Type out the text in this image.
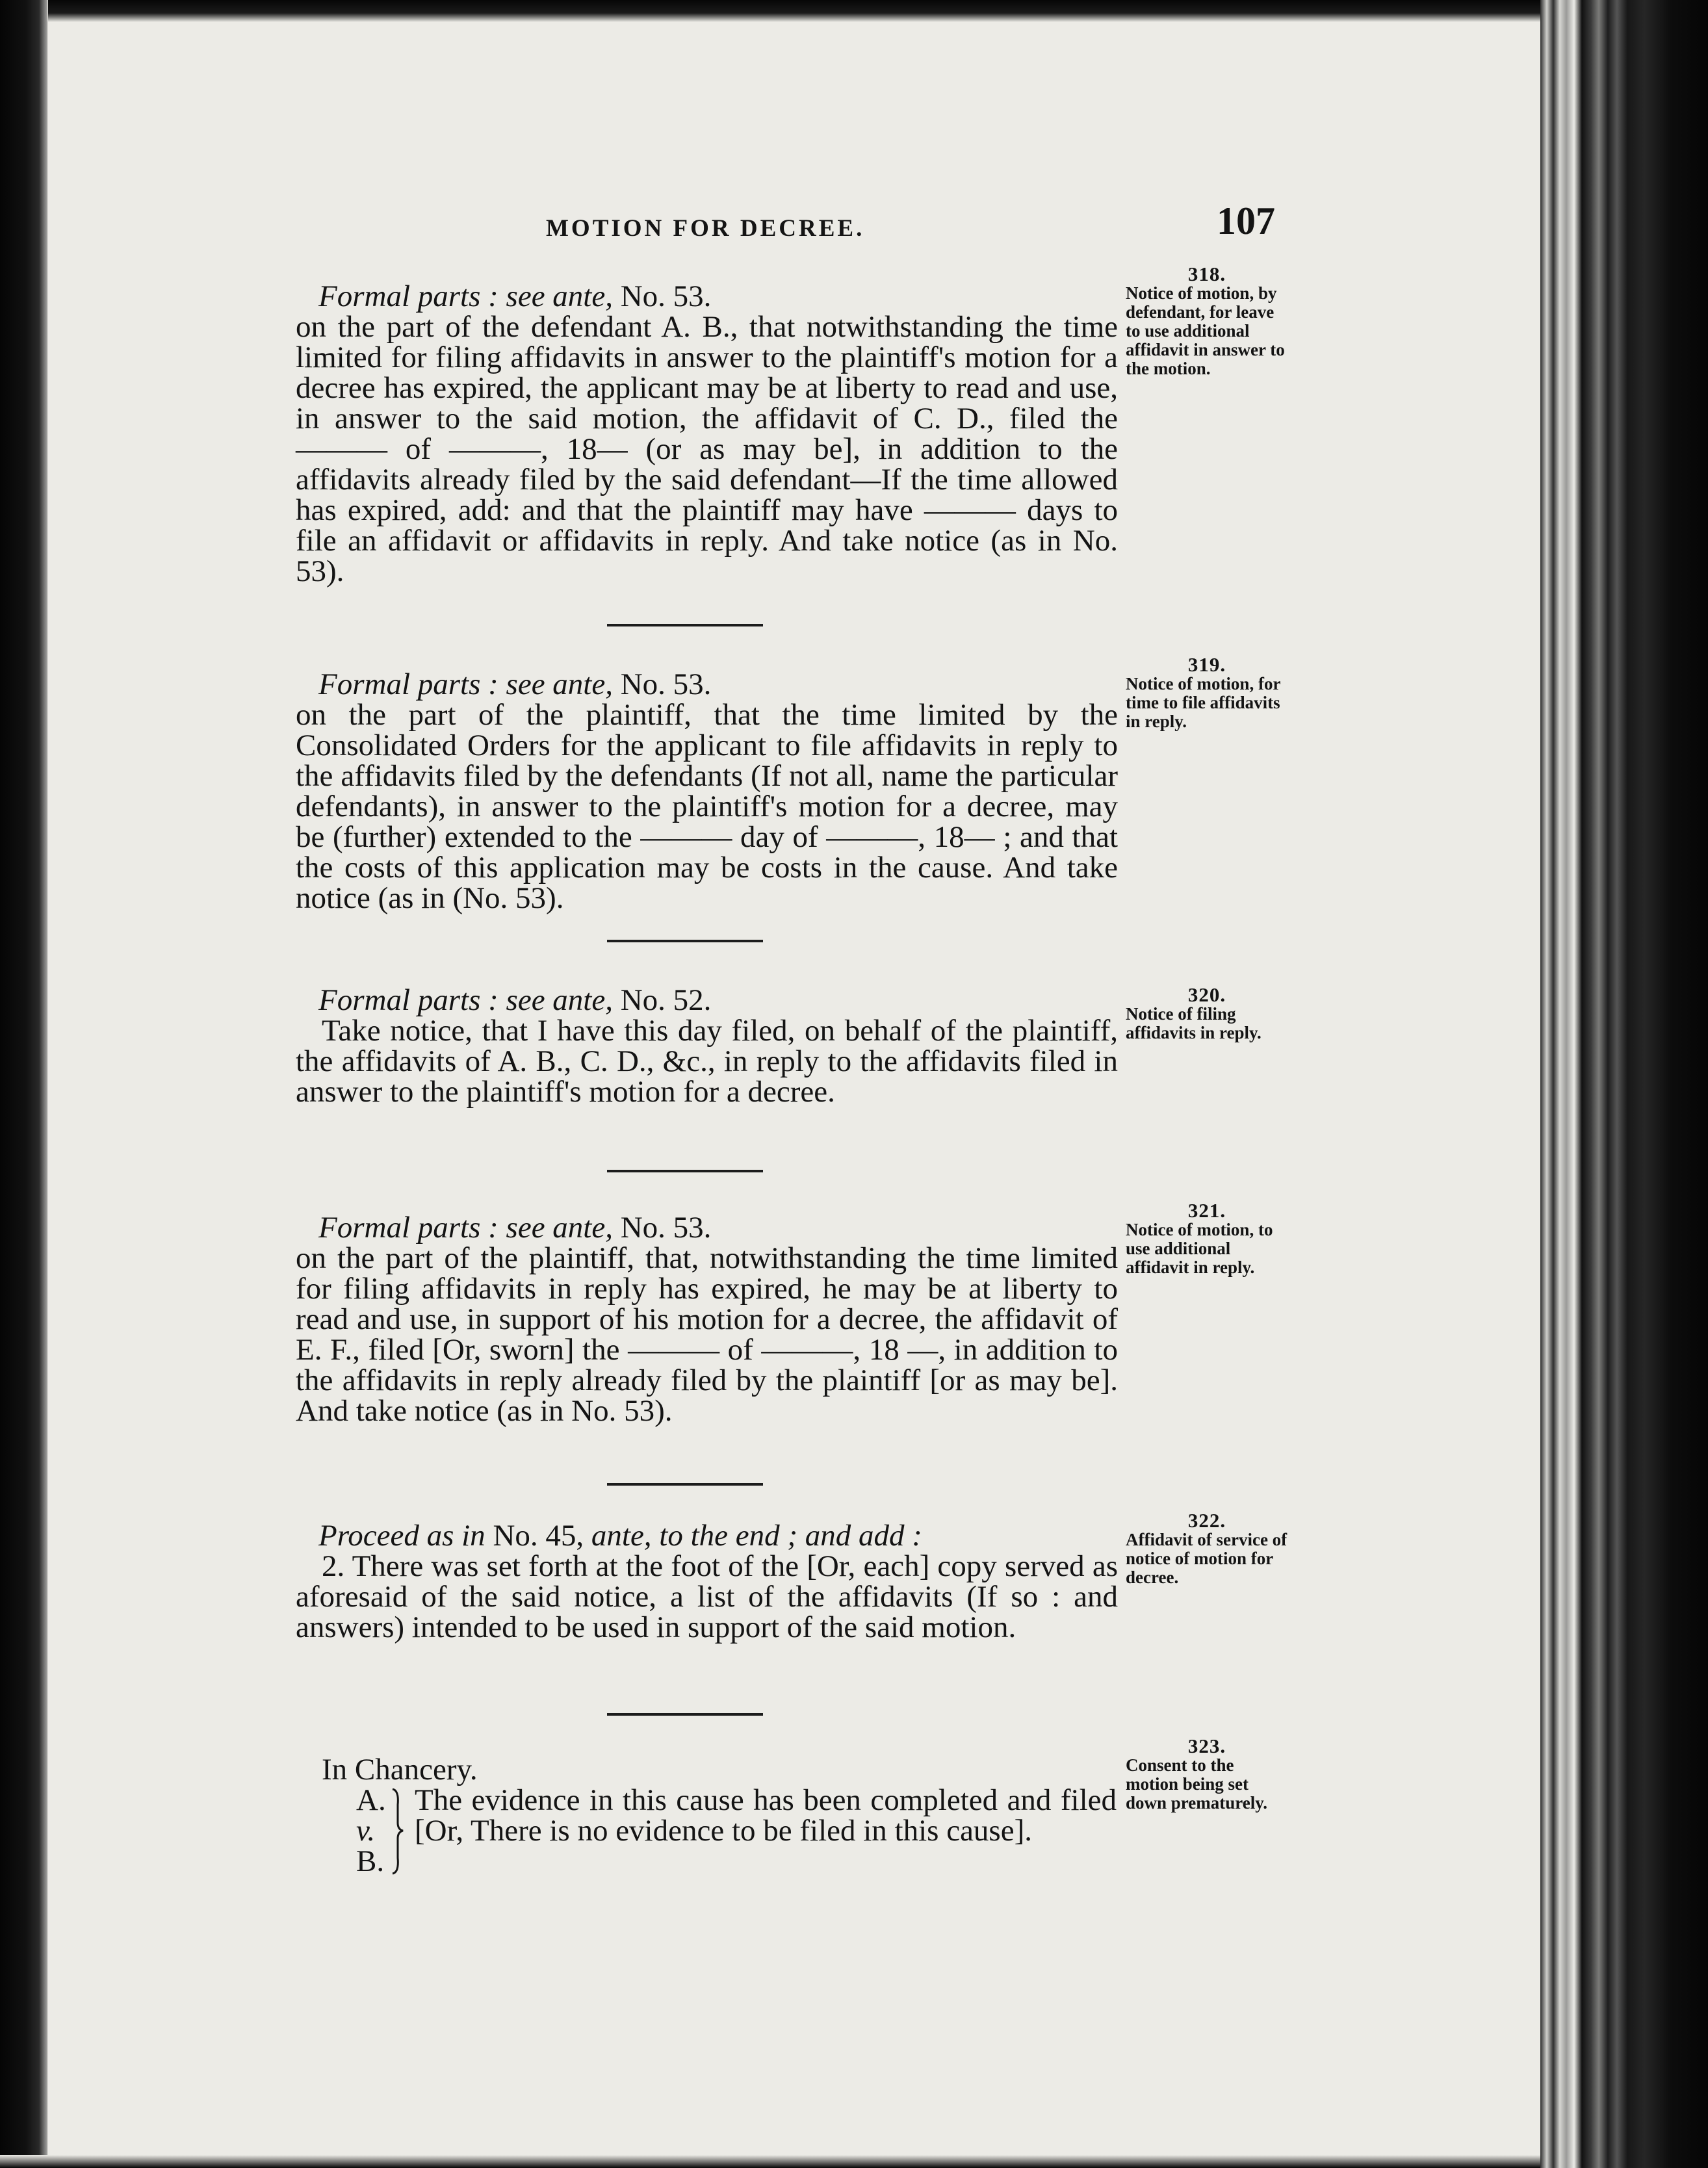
MOTION FOR DECREE.	107

Formal parts : see ante, No. 53.

on the part of the defendant A. B., that notwithstanding the time limited for filing affidavits in answer to the plaintiff's motion for a decree has expired, the applicant may be at liberty to read and use, in answer to the said motion, the affidavit of C. D., filed the ——— of ———, 18— (or as may be], in addition to the affidavits already filed by the said defendant—If the time allowed has expired, add: and that the plaintiff may have ——— days to file an affidavit or affidavits in reply. And take notice (as in No. 53).

318.
Notice of motion, by defendant, for leave to use additional affidavit in answer to the motion.

Formal parts : see ante, No. 53.

on the part of the plaintiff, that the time limited by the Consolidated Orders for the applicant to file affidavits in reply to the affidavits filed by the defendants (If not all, name the particular defendants), in answer to the plaintiff's motion for a decree, may be (further) extended to the ——— day of ———, 18— ; and that the costs of this application may be costs in the cause. And take notice (as in (No. 53).

319.
Notice of motion, for time to file affidavits in reply.

Formal parts : see ante, No. 52.

Take notice, that I have this day filed, on behalf of the plaintiff, the affidavits of A. B., C. D., &c., in reply to the affidavits filed in answer to the plaintiff's motion for a decree.

320.
Notice of filing affidavits in reply.

Formal parts : see ante, No. 53.

on the part of the plaintiff, that, notwithstanding the time limited for filing affidavits in reply has expired, he may be at liberty to read and use, in support of his motion for a decree, the affidavit of E. F., filed [Or, sworn] the ——— of ———, 18 —, in addition to the affidavits in reply already filed by the plaintiff [or as may be]. And take notice (as in No. 53).

321.
Notice of motion, to use additional affidavit in reply.

Proceed as in No. 45, ante, to the end ; and add :

2. There was set forth at the foot of the [Or, each] copy served as aforesaid of the said notice, a list of the affidavits (If so : and answers) intended to be used in support of the said motion.

322.
Affidavit of service of notice of motion for decree.

In Chancery.

A.
v.
B.

The evidence in this cause has been completed and filed [Or, There is no evidence to be filed in this cause].

323.
Consent to the motion being set down prematurely.
